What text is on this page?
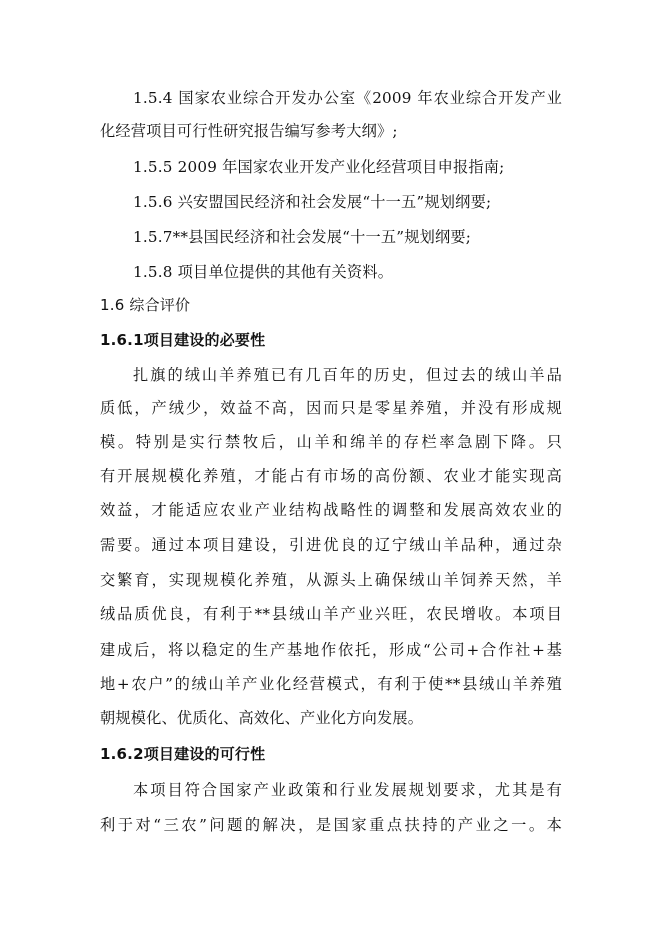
1.5.4 国家农业综合开发办公室《2009 年农业综合开发产业
化经营项目可行性研究报告编写参考大纲》;
1.5.5 2009 年国家农业开发产业化经营项目申报指南;
1.5.6 兴安盟国民经济和社会发展“十一五”规划纲要;
1.5.7**县国民经济和社会发展“十一五”规划纲要;
1.5.8 项目单位提供的其他有关资料。
1.6 综合评价
1.6.1项目建设的必要性
扎旗的绒山羊养殖已有几百年的历史，但过去的绒山羊品
质低，产绒少，效益不高，因而只是零星养殖，并没有形成规
模。特别是实行禁牧后，山羊和绵羊的存栏率急剧下降。只
有开展规模化养殖，才能占有市场的高份额、农业才能实现高
效益，才能适应农业产业结构战略性的调整和发展高效农业的
需要。通过本项目建设，引进优良的辽宁绒山羊品种，通过杂
交繁育，实现规模化养殖，从源头上确保绒山羊饲养天然，羊
绒品质优良，有利于**县绒山羊产业兴旺，农民增收。本项目
建成后，将以稳定的生产基地作依托，形成“公司+合作社+基
地+农户”的绒山羊产业化经营模式，有利于使**县绒山羊养殖
朝规模化、优质化、高效化、产业化方向发展。
1.6.2项目建设的可行性
本项目符合国家产业政策和行业发展规划要求，尤其是有
利于对“三农”问题的解决，是国家重点扶持的产业之一。本
